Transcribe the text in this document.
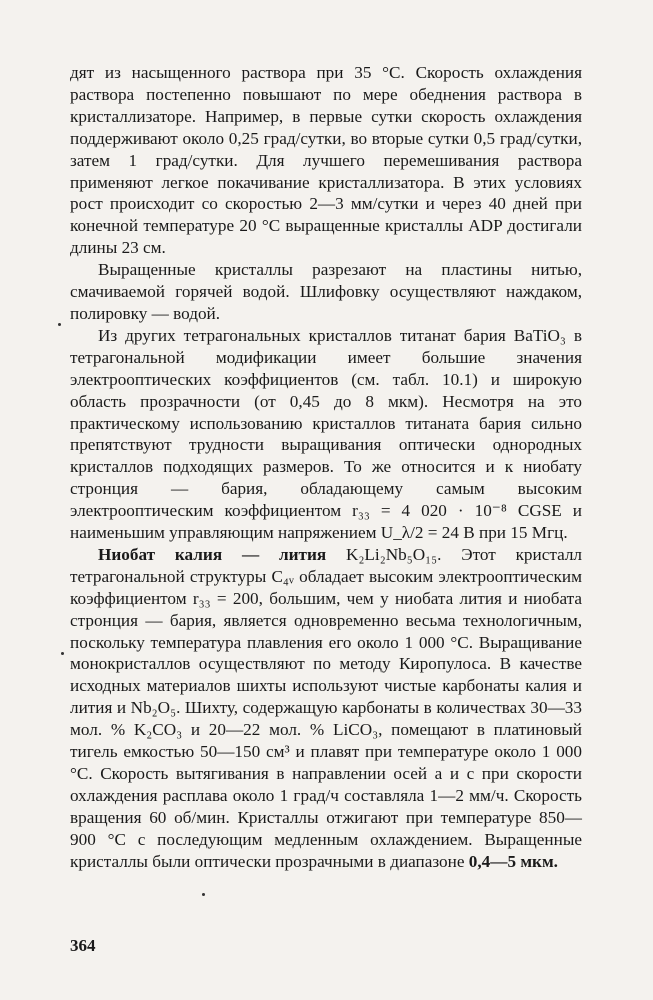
дят из насыщенного раствора при 35 °C. Скорость охлаждения раствора постепенно повышают по мере обеднения раствора в кристаллизаторе. Например, в первые сутки скорость охлаждения поддерживают около 0,25 град/сутки, во вторые сутки 0,5 град/сутки, затем 1 град/сутки. Для лучшего перемешивания раствора применяют легкое покачивание кристаллизатора. В этих условиях рост происходит со скоростью 2—3 мм/сутки и через 40 дней при конечной температуре 20 °C выращенные кристаллы ADP достигали длины 23 см.

Выращенные кристаллы разрезают на пластины нитью, смачиваемой горячей водой. Шлифовку осуществляют наждаком, полировку — водой.

Из других тетрагональных кристаллов титанат бария BaTiO₃ в тетрагональной модификации имеет большие значения электрооптических коэффициентов (см. табл. 10.1) и широкую область прозрачности (от 0,45 до 8 мкм). Несмотря на это практическому использованию кристаллов титаната бария сильно препятствуют трудности выращивания оптически однородных кристаллов подходящих размеров. То же относится и к ниобату стронция — бария, обладающему самым высоким электрооптическим коэффициентом r₃₃ = 4 020 · 10⁻⁸ CGSE и наименьшим управляющим напряжением U_λ/2 = 24 В при 15 Мгц.

Ниобат калия — лития K₂Li₂Nb₅O₁₅. Этот кристалл тетрагональной структуры C₄ᵥ обладает высоким электрооптическим коэффициентом r₃₃ = 200, большим, чем у ниобата лития и ниобата стронция — бария, является одновременно весьма технологичным, поскольку температура плавления его около 1 000 °C. Выращивание монокристаллов осуществляют по методу Киропулоса. В качестве исходных материалов шихты используют чистые карбонаты калия и лития и Nb₂O₅. Шихту, содержащую карбонаты в количествах 30—33 мол. % K₂CO₃ и 20—22 мол. % LiCO₃, помещают в платиновый тигель емкостью 50—150 см³ и плавят при температуре около 1 000 °C. Скорость вытягивания в направлении осей a и c при скорости охлаждения расплава около 1 град/ч составляла 1—2 мм/ч. Скорость вращения 60 об/мин. Кристаллы отжигают при температуре 850—900 °C с последующим медленным охлаждением. Выращенные кристаллы были оптически прозрачными в диапазоне 0,4—5 мкм.

364
